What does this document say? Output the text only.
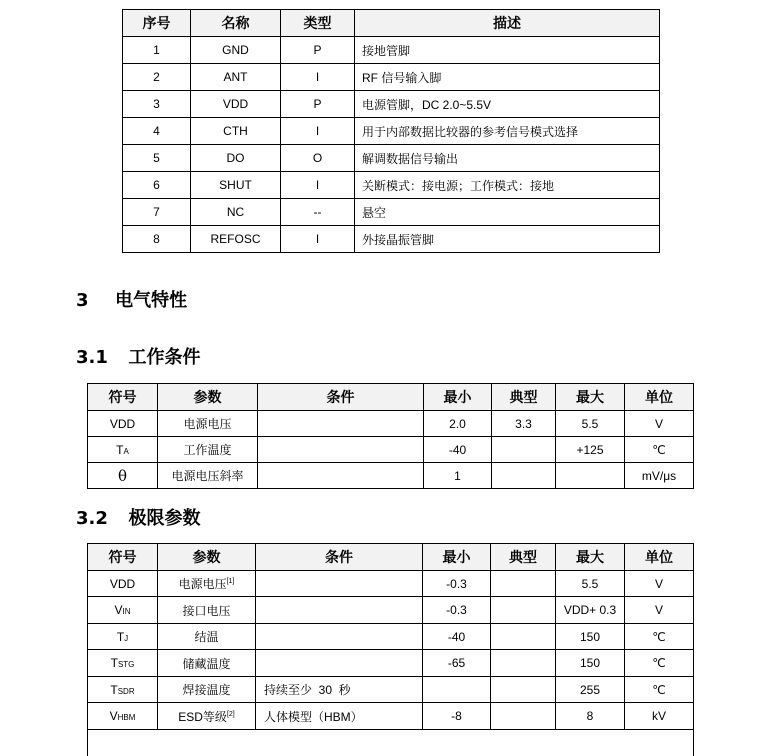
序号	名称	类型	描述
1	GND	P	接地管脚
2	ANT	I	RF 信号输入脚
3	VDD	P	电源管脚，DC 2.0~5.5V
4	CTH	I	用于内部数据比较器的参考信号模式选择
5	DO	O	解调数据信号输出
6	SHUT	I	关断模式：接电源；工作模式：接地
7	NC	--	悬空
8	REFOSC	I	外接晶振管脚
3 电气特性
3.1 工作条件
符号	参数	条件	最小	典型	最大	单位
VDD	电源电压		2.0	3.3	5.5	V
TA	工作温度		-40		+125	℃
θ	电源电压斜率		1			mV/μs
3.2 极限参数
符号	参数	条件	最小	典型	最大	单位
VDD	电源电压[1]		-0.3		5.5	V
VIN	接口电压		-0.3		VDD+ 0.3	V
TJ	结温		-40		150	℃
TSTG	储藏温度		-65		150	℃
TSDR	焊接温度	持续至少  30  秒			255	℃
VHBM	ESD等级[2]	人体模型（HBM）	-8		8	kV
